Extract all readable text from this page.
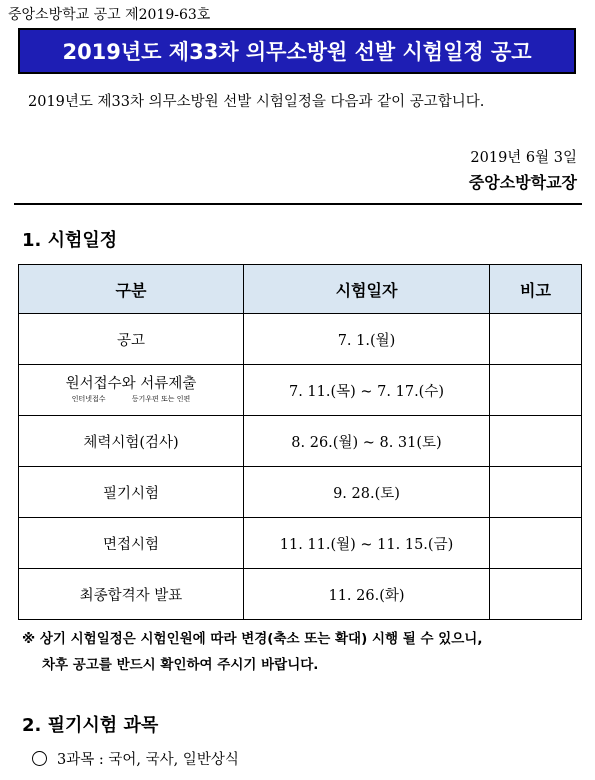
중앙소방학교 공고 제2019-63호
2019년도 제33차 의무소방원 선발 시험일정 공고
2019년도 제33차 의무소방원 선발 시험일정을 다음과 같이 공고합니다.
2019년 6월 3일
중앙소방학교장
1. 시험일정
구분	시험일자	비고
공고	7. 1.(월)	

원서접수와 서류제출
인터넷접수 등기우편 또는 인편	7. 11.(목) ~ 7. 17.(수)	
체력시험(검사)	8. 26.(월) ~ 8. 31(토)	
필기시험	9. 28.(토)	
면접시험	11. 11.(월) ~ 11. 15.(금)	
최종합격자 발표	11. 26.(화)	
※ 상기 시험일정은 시험인원에 따라 변경(축소 또는 확대) 시행 될 수 있으니,
차후 공고를 반드시 확인하여 주시기 바랍니다.
2. 필기시험 과목
3과목 : 국어, 국사, 일반상식
